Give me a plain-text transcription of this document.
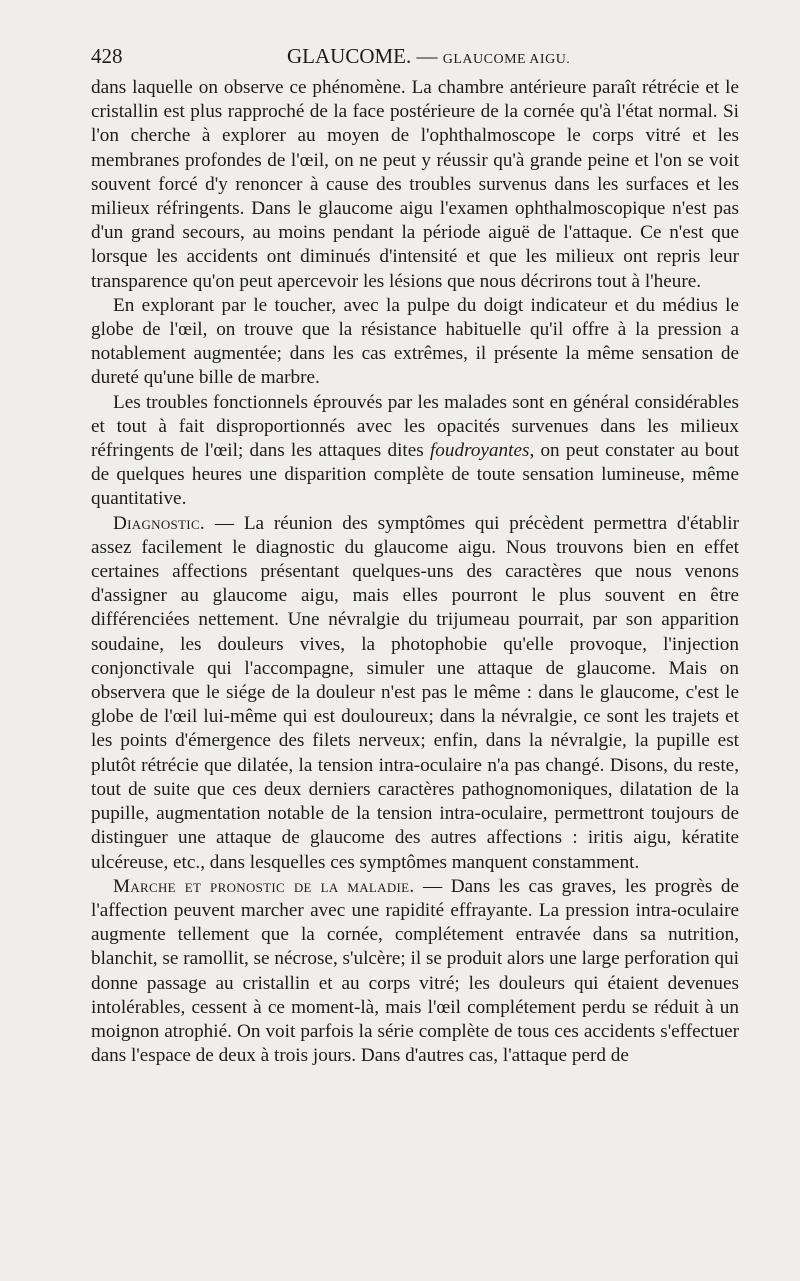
428	GLAUCOME. — GLAUCOME AIGU.

dans laquelle on observe ce phénomène. La chambre antérieure paraît rétrécie et le cristallin est plus rapproché de la face postérieure de la cornée qu'à l'état normal. Si l'on cherche à explorer au moyen de l'ophthalmoscope le corps vitré et les membranes profondes de l'œil, on ne peut y réussir qu'à grande peine et l'on se voit souvent forcé d'y renoncer à cause des troubles survenus dans les surfaces et les milieux réfringents. Dans le glaucome aigu l'examen ophthalmoscopique n'est pas d'un grand secours, au moins pendant la période aiguë de l'attaque. Ce n'est que lorsque les accidents ont diminués d'intensité et que les milieux ont repris leur transparence qu'on peut apercevoir les lésions que nous décrirons tout à l'heure.

En explorant par le toucher, avec la pulpe du doigt indicateur et du médius le globe de l'œil, on trouve que la résistance habituelle qu'il offre à la pression a notablement augmentée; dans les cas extrêmes, il présente la même sensation de dureté qu'une bille de marbre.

Les troubles fonctionnels éprouvés par les malades sont en général considérables et tout à fait disproportionnés avec les opacités survenues dans les milieux réfringents de l'œil; dans les attaques dites foudroyantes, on peut constater au bout de quelques heures une disparition complète de toute sensation lumineuse, même quantitative.

Diagnostic. — La réunion des symptômes qui précèdent permettra d'établir assez facilement le diagnostic du glaucome aigu. Nous trouvons bien en effet certaines affections présentant quelques-uns des caractères que nous venons d'assigner au glaucome aigu, mais elles pourront le plus souvent en être différenciées nettement. Une névralgie du trijumeau pourrait, par son apparition soudaine, les douleurs vives, la photophobie qu'elle provoque, l'injection conjonctivale qui l'accompagne, simuler une attaque de glaucome. Mais on observera que le siége de la douleur n'est pas le même : dans le glaucome, c'est le globe de l'œil lui-même qui est douloureux; dans la névralgie, ce sont les trajets et les points d'émergence des filets nerveux; enfin, dans la névralgie, la pupille est plutôt rétrécie que dilatée, la tension intra-oculaire n'a pas changé. Disons, du reste, tout de suite que ces deux derniers caractères pathognomoniques, dilatation de la pupille, augmentation notable de la tension intra-oculaire, permettront toujours de distinguer une attaque de glaucome des autres affections : iritis aigu, kératite ulcéreuse, etc., dans lesquelles ces symptômes manquent constamment.

Marche et pronostic de la maladie. — Dans les cas graves, les progrès de l'affection peuvent marcher avec une rapidité effrayante. La pression intra-oculaire augmente tellement que la cornée, complétement entravée dans sa nutrition, blanchit, se ramollit, se nécrose, s'ulcère; il se produit alors une large perforation qui donne passage au cristallin et au corps vitré; les douleurs qui étaient devenues intolérables, cessent à ce moment-là, mais l'œil complétement perdu se réduit à un moignon atrophié. On voit parfois la série complète de tous ces accidents s'effectuer dans l'espace de deux à trois jours. Dans d'autres cas, l'attaque perd de
